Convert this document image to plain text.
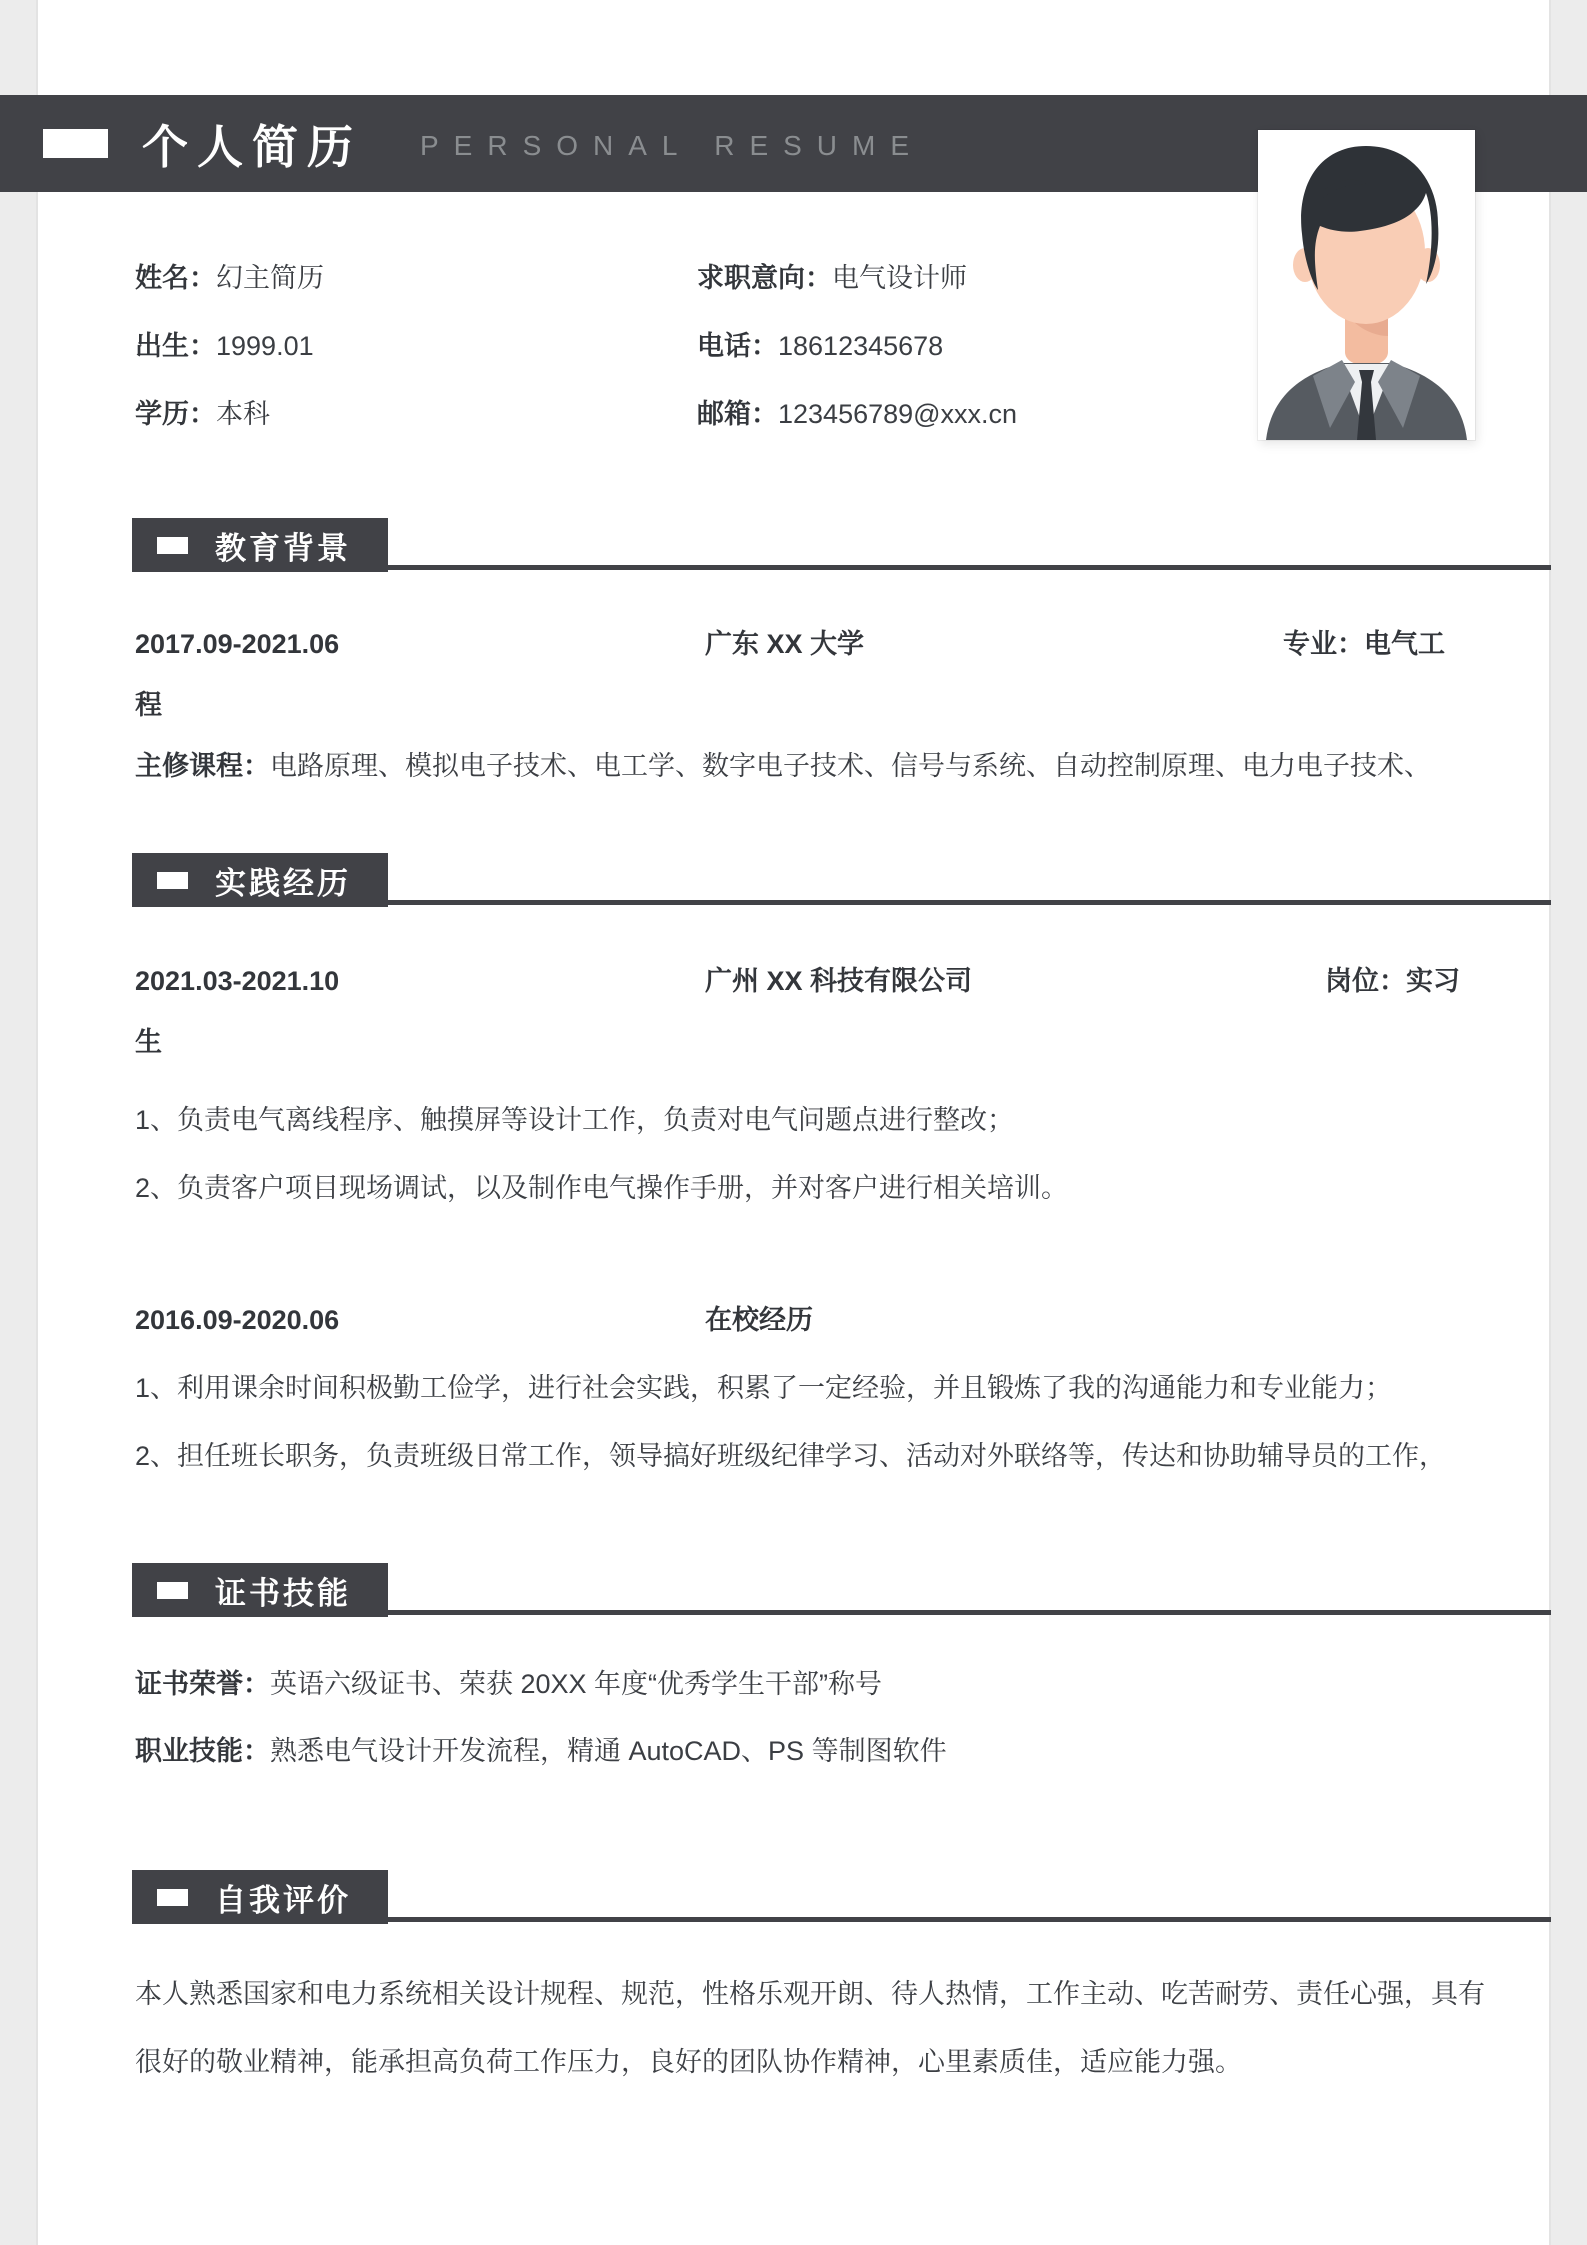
个人简历 PERSONAL RESUME
姓名：幻主简历	求职意向：电气设计师
出生：1999.01	电话：18612345678
学历：本科	邮箱：123456789@xxx.cn
教育背景
2017.09-2021.06	广东 XX 大学	专业：电气工程
主修课程：电路原理、模拟电子技术、电工学、数字电子技术、信号与系统、自动控制原理、电力电子技术、
实践经历
2021.03-2021.10	广州 XX 科技有限公司	岗位：实习生
1、负责电气离线程序、触摸屏等设计工作，负责对电气问题点进行整改；
2、负责客户项目现场调试，以及制作电气操作手册，并对客户进行相关培训。
2016.09-2020.06	在校经历
1、利用课余时间积极勤工俭学，进行社会实践，积累了一定经验，并且锻炼了我的沟通能力和专业能力；
2、担任班长职务，负责班级日常工作，领导搞好班级纪律学习、活动对外联络等，传达和协助辅导员的工作，
证书技能
证书荣誉：英语六级证书、荣获 20XX 年度“优秀学生干部”称号
职业技能：熟悉电气设计开发流程，精通 AutoCAD、PS 等制图软件
自我评价
本人熟悉国家和电力系统相关设计规程、规范，性格乐观开朗、待人热情，工作主动、吃苦耐劳、责任心强，具有很好的敬业精神，能承担高负荷工作压力，良好的团队协作精神，心里素质佳，适应能力强。
